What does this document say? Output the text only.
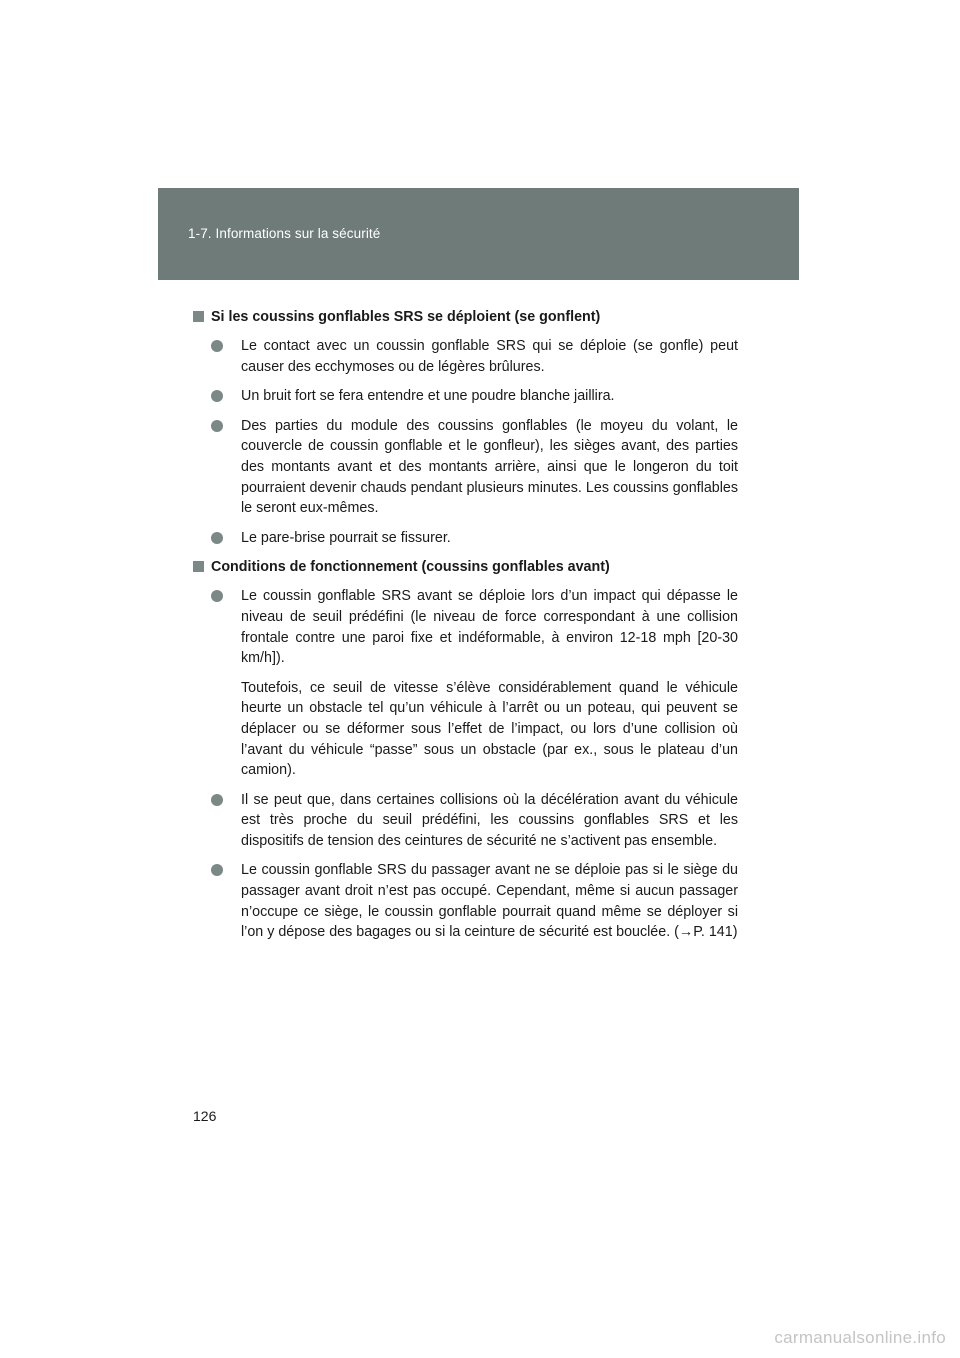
1-7. Informations sur la sécurité
Si les coussins gonflables SRS se déploient (se gonflent)
Le contact avec un coussin gonflable SRS qui se déploie (se gonfle) peut causer des ecchymoses ou de légères brûlures.
Un bruit fort se fera entendre et une poudre blanche jaillira.
Des parties du module des coussins gonflables (le moyeu du volant, le couvercle de coussin gonflable et le gonfleur), les sièges avant, des parties des montants avant et des montants arrière, ainsi que le longeron du toit pourraient devenir chauds pendant plusieurs minutes. Les coussins gonflables le seront eux-mêmes.
Le pare-brise pourrait se fissurer.
Conditions de fonctionnement (coussins gonflables avant)
Le coussin gonflable SRS avant se déploie lors d’un impact qui dépasse le niveau de seuil prédéfini (le niveau de force correspondant à une collision frontale contre une paroi fixe et indéformable, à environ 12-18 mph [20-30 km/h]).
Toutefois, ce seuil de vitesse s’élève considérablement quand le véhicule heurte un obstacle tel qu’un véhicule à l’arrêt ou un poteau, qui peuvent se déplacer ou se déformer sous l’effet de l’impact, ou lors d’une collision où l’avant du véhicule “passe” sous un obstacle (par ex., sous le plateau d’un camion).
Il se peut que, dans certaines collisions où la décélération avant du véhicule est très proche du seuil prédéfini, les coussins gonflables SRS et les dispositifs de tension des ceintures de sécurité ne s’activent pas ensemble.
Le coussin gonflable SRS du passager avant ne se déploie pas si le siège du passager avant droit n’est pas occupé. Cependant, même si aucun passager n’occupe ce siège, le coussin gonflable pourrait quand même se déployer si l’on y dépose des bagages ou si la ceinture de sécurité est bouclée. (→P. 141)
126
carmanualsonline.info
